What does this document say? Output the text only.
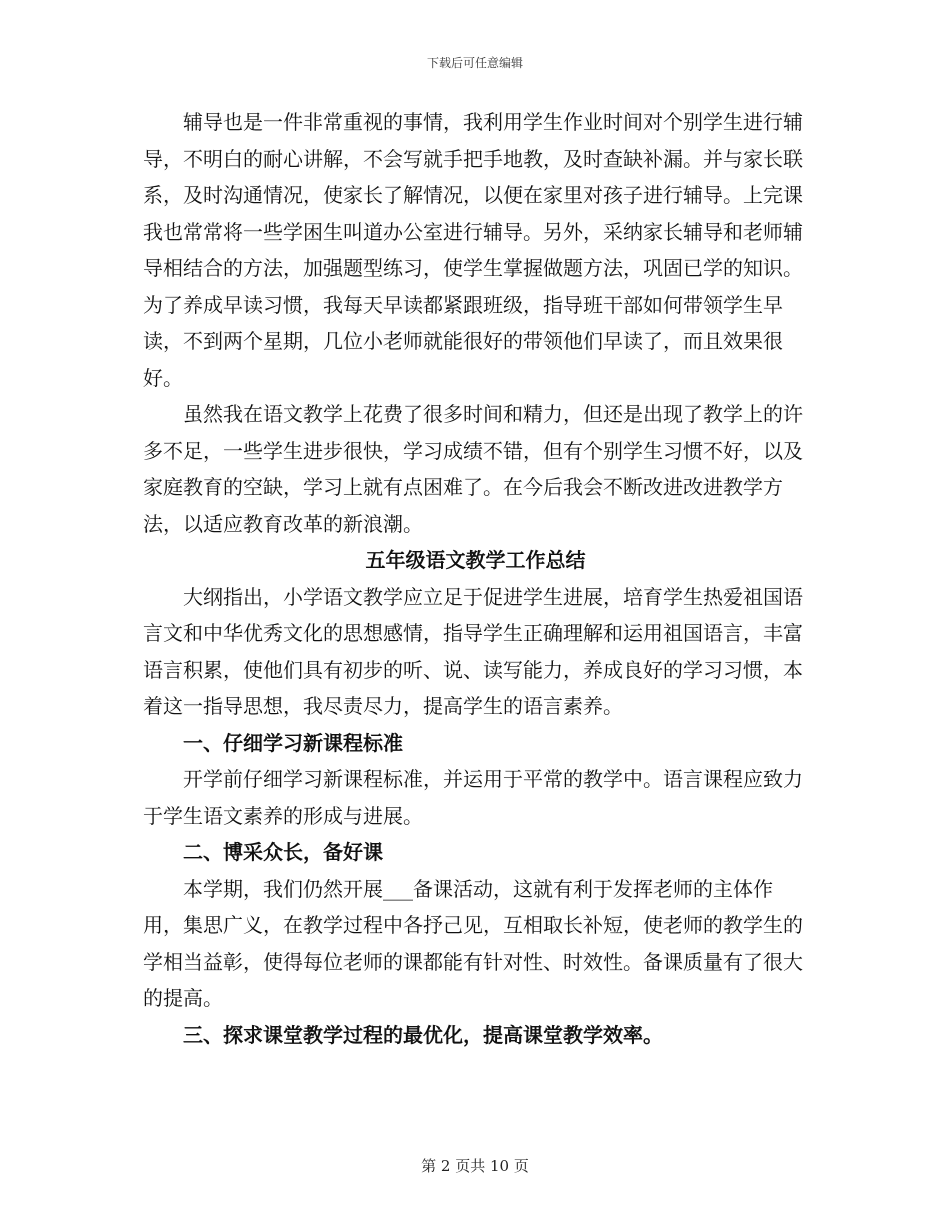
下载后可任意编辑

辅导也是一件非常重视的事情，我利用学生作业时间对个别学生进行辅导，不明白的耐心讲解，不会写就手把手地教，及时查缺补漏。并与家长联系，及时沟通情况，使家长了解情况，以便在家里对孩子进行辅导。上完课我也常常将一些学困生叫道办公室进行辅导。另外，采纳家长辅导和老师辅导相结合的方法，加强题型练习，使学生掌握做题方法，巩固已学的知识。为了养成早读习惯，我每天早读都紧跟班级，指导班干部如何带领学生早读，不到两个星期，几位小老师就能很好的带领他们早读了，而且效果很好。

虽然我在语文教学上花费了很多时间和精力，但还是出现了教学上的许多不足，一些学生进步很快，学习成绩不错，但有个别学生习惯不好，以及家庭教育的空缺，学习上就有点困难了。在今后我会不断改进改进教学方法，以适应教育改革的新浪潮。

五年级语文教学工作总结

大纲指出，小学语文教学应立足于促进学生进展，培育学生热爱祖国语言文和中华优秀文化的思想感情，指导学生正确理解和运用祖国语言，丰富语言积累，使他们具有初步的听、说、读写能力，养成良好的学习习惯，本着这一指导思想，我尽责尽力，提高学生的语言素养。

一、仔细学习新课程标准

开学前仔细学习新课程标准，并运用于平常的教学中。语言课程应致力于学生语文素养的形成与进展。

二、博采众长，备好课

本学期，我们仍然开展___备课活动，这就有利于发挥老师的主体作用，集思广义，在教学过程中各抒己见，互相取长补短，使老师的教学生的学相当益彰，使得每位老师的课都能有针对性、时效性。备课质量有了很大的提高。

三、探求课堂教学过程的最优化，提高课堂教学效率。

第 2 页共 10 页
